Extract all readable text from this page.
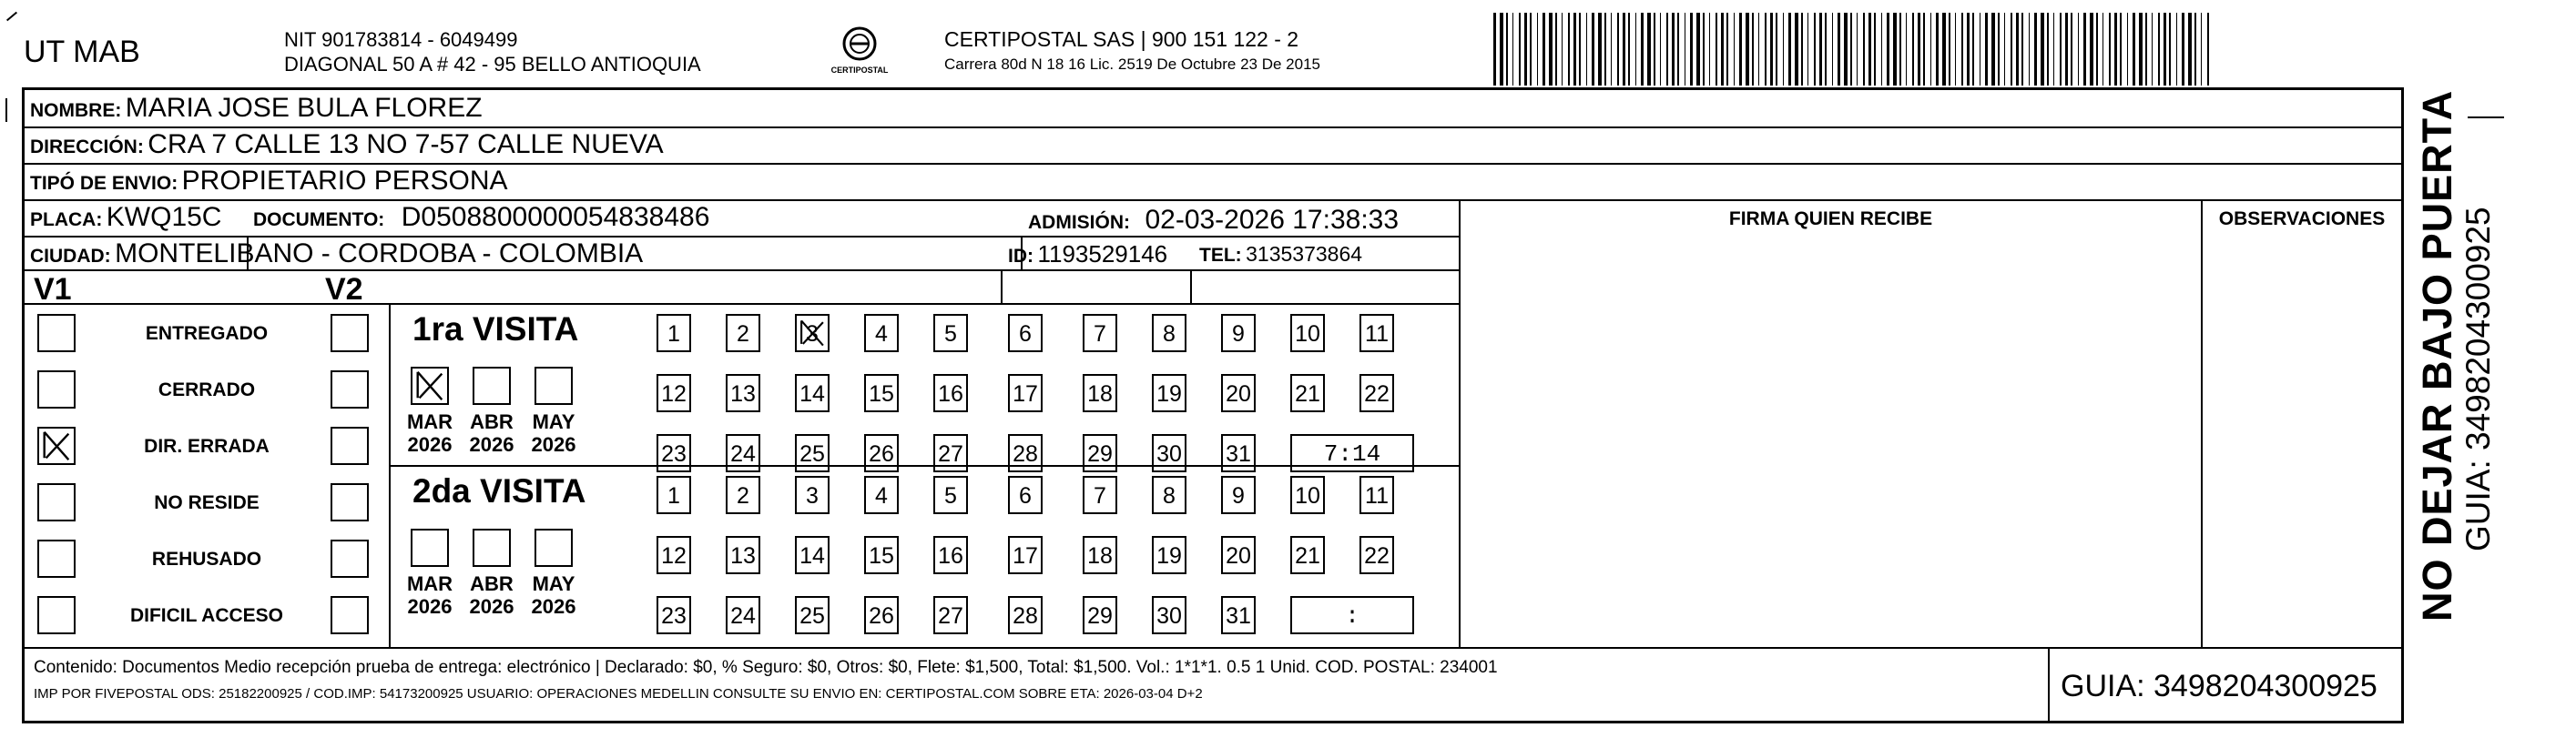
UT MAB	NIT 901783814 - 6049499
DIAGONAL 50 A # 42 - 95 BELLO ANTIOQUIA	CERTIPOSTAL
CERTIPOSTAL SAS | 900 151 122 - 2
Carrera 80d N 18 16 Lic. 2519 De Octubre 23 De 2015
NOMBRE: MARIA JOSE BULA FLOREZ
DIRECCIÓN: CRA 7 CALLE 13 NO 7-57 CALLE NUEVA
TIPÓ DE ENVIO: PROPIETARIO PERSONA
FIRMA QUIEN RECIBE	OBSERVACIONES
PLACA: KWQ15C DOCUMENTO: D0508800000054838486	ADMISIÓN: 02-03-2026 17:38:33
CIUDAD: MONTELIBANO - CORDOBA - COLOMBIA	ID: 1193529146 TEL: 3135373864
V1	V2
ENTREGADO
CERRADO
DIR. ERRADA
NO RESIDE
REHUSADO
DIFICIL ACCESO
1ra VISITA
MAR
2026
ABR
2026
MAY
2026
1	2	3	4	5	6	7	8	9	10 11
12 13 14 15 16 17 18 19 20 21 22
23 24 25 26 27 28 29 30 31	7:14
2da VISITA
MAR
2026
ABR
2026
MAY
2026
1	2	3	4	5	6	7	8	9	10 11
12 13 14 15 16 17 18 19 20 21 22
23 24 25 26 27 28 29 30 31	:
Contenido: Documentos Medio recepción prueba de entrega: electrónico | Declarado: $0, % Seguro: $0, Otros: $0, Flete: $1,500, Total: $1,500. Vol.: 1*1*1. 0.5 1 Unid. COD. POSTAL: 234001
IMP POR FIVEPOSTAL ODS: 25182200925 / COD.IMP: 54173200925 USUARIO: OPERACIONES MEDELLIN CONSULTE SU ENVIO EN: CERTIPOSTAL.COM SOBRE ETA: 2026-03-04 D+2	GUIA: 3498204300925
NO DEJAR BAJO PUERTA GUIA: 3498204300925
